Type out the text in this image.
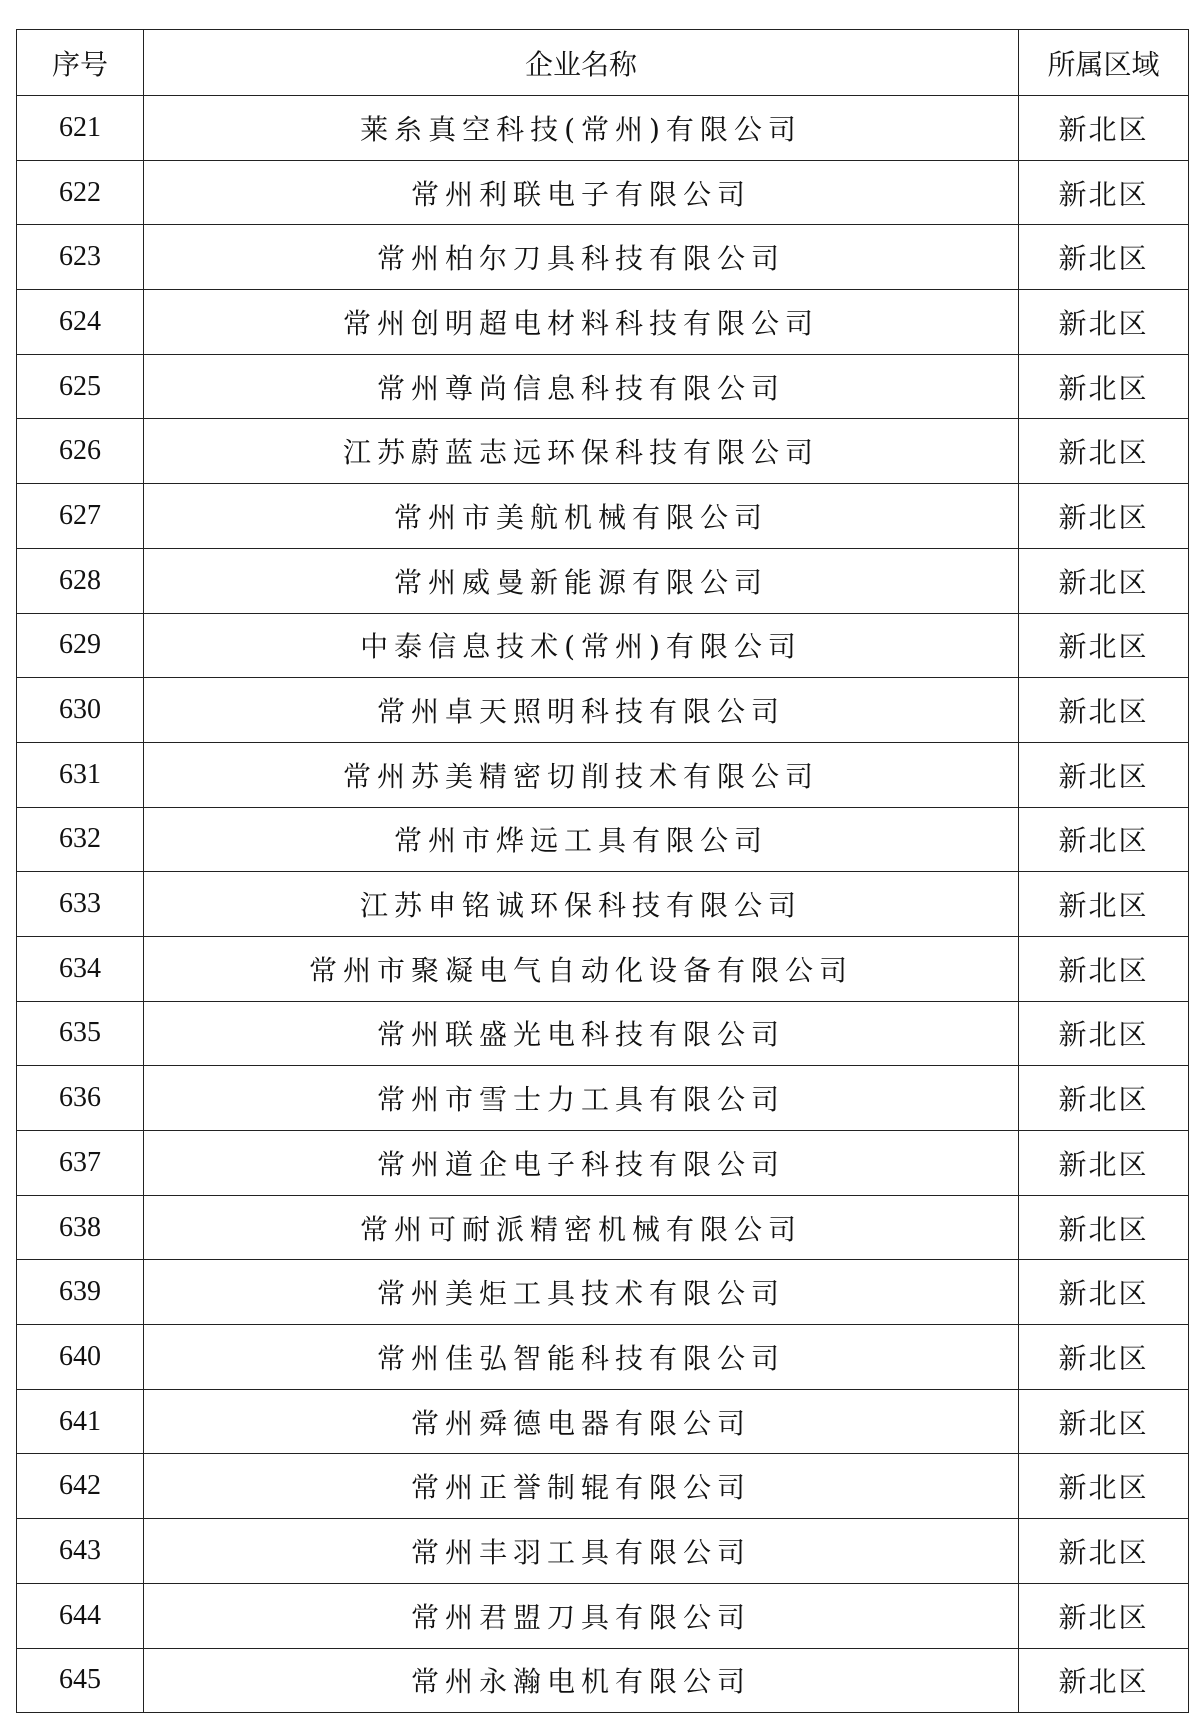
序号	企业名称	所属区域
621	莱糸真空科技(常州)有限公司	新北区
622	常州利联电子有限公司	新北区
623	常州柏尔刀具科技有限公司	新北区
624	常州创明超电材料科技有限公司	新北区
625	常州尊尚信息科技有限公司	新北区
626	江苏蔚蓝志远环保科技有限公司	新北区
627	常州市美航机械有限公司	新北区
628	常州威曼新能源有限公司	新北区
629	中泰信息技术(常州)有限公司	新北区
630	常州卓天照明科技有限公司	新北区
631	常州苏美精密切削技术有限公司	新北区
632	常州市烨远工具有限公司	新北区
633	江苏申铭诚环保科技有限公司	新北区
634	常州市聚凝电气自动化设备有限公司	新北区
635	常州联盛光电科技有限公司	新北区
636	常州市雪士力工具有限公司	新北区
637	常州道企电子科技有限公司	新北区
638	常州可耐派精密机械有限公司	新北区
639	常州美炬工具技术有限公司	新北区
640	常州佳弘智能科技有限公司	新北区
641	常州舜德电器有限公司	新北区
642	常州正誉制辊有限公司	新北区
643	常州丰羽工具有限公司	新北区
644	常州君盟刀具有限公司	新北区
645	常州永瀚电机有限公司	新北区
